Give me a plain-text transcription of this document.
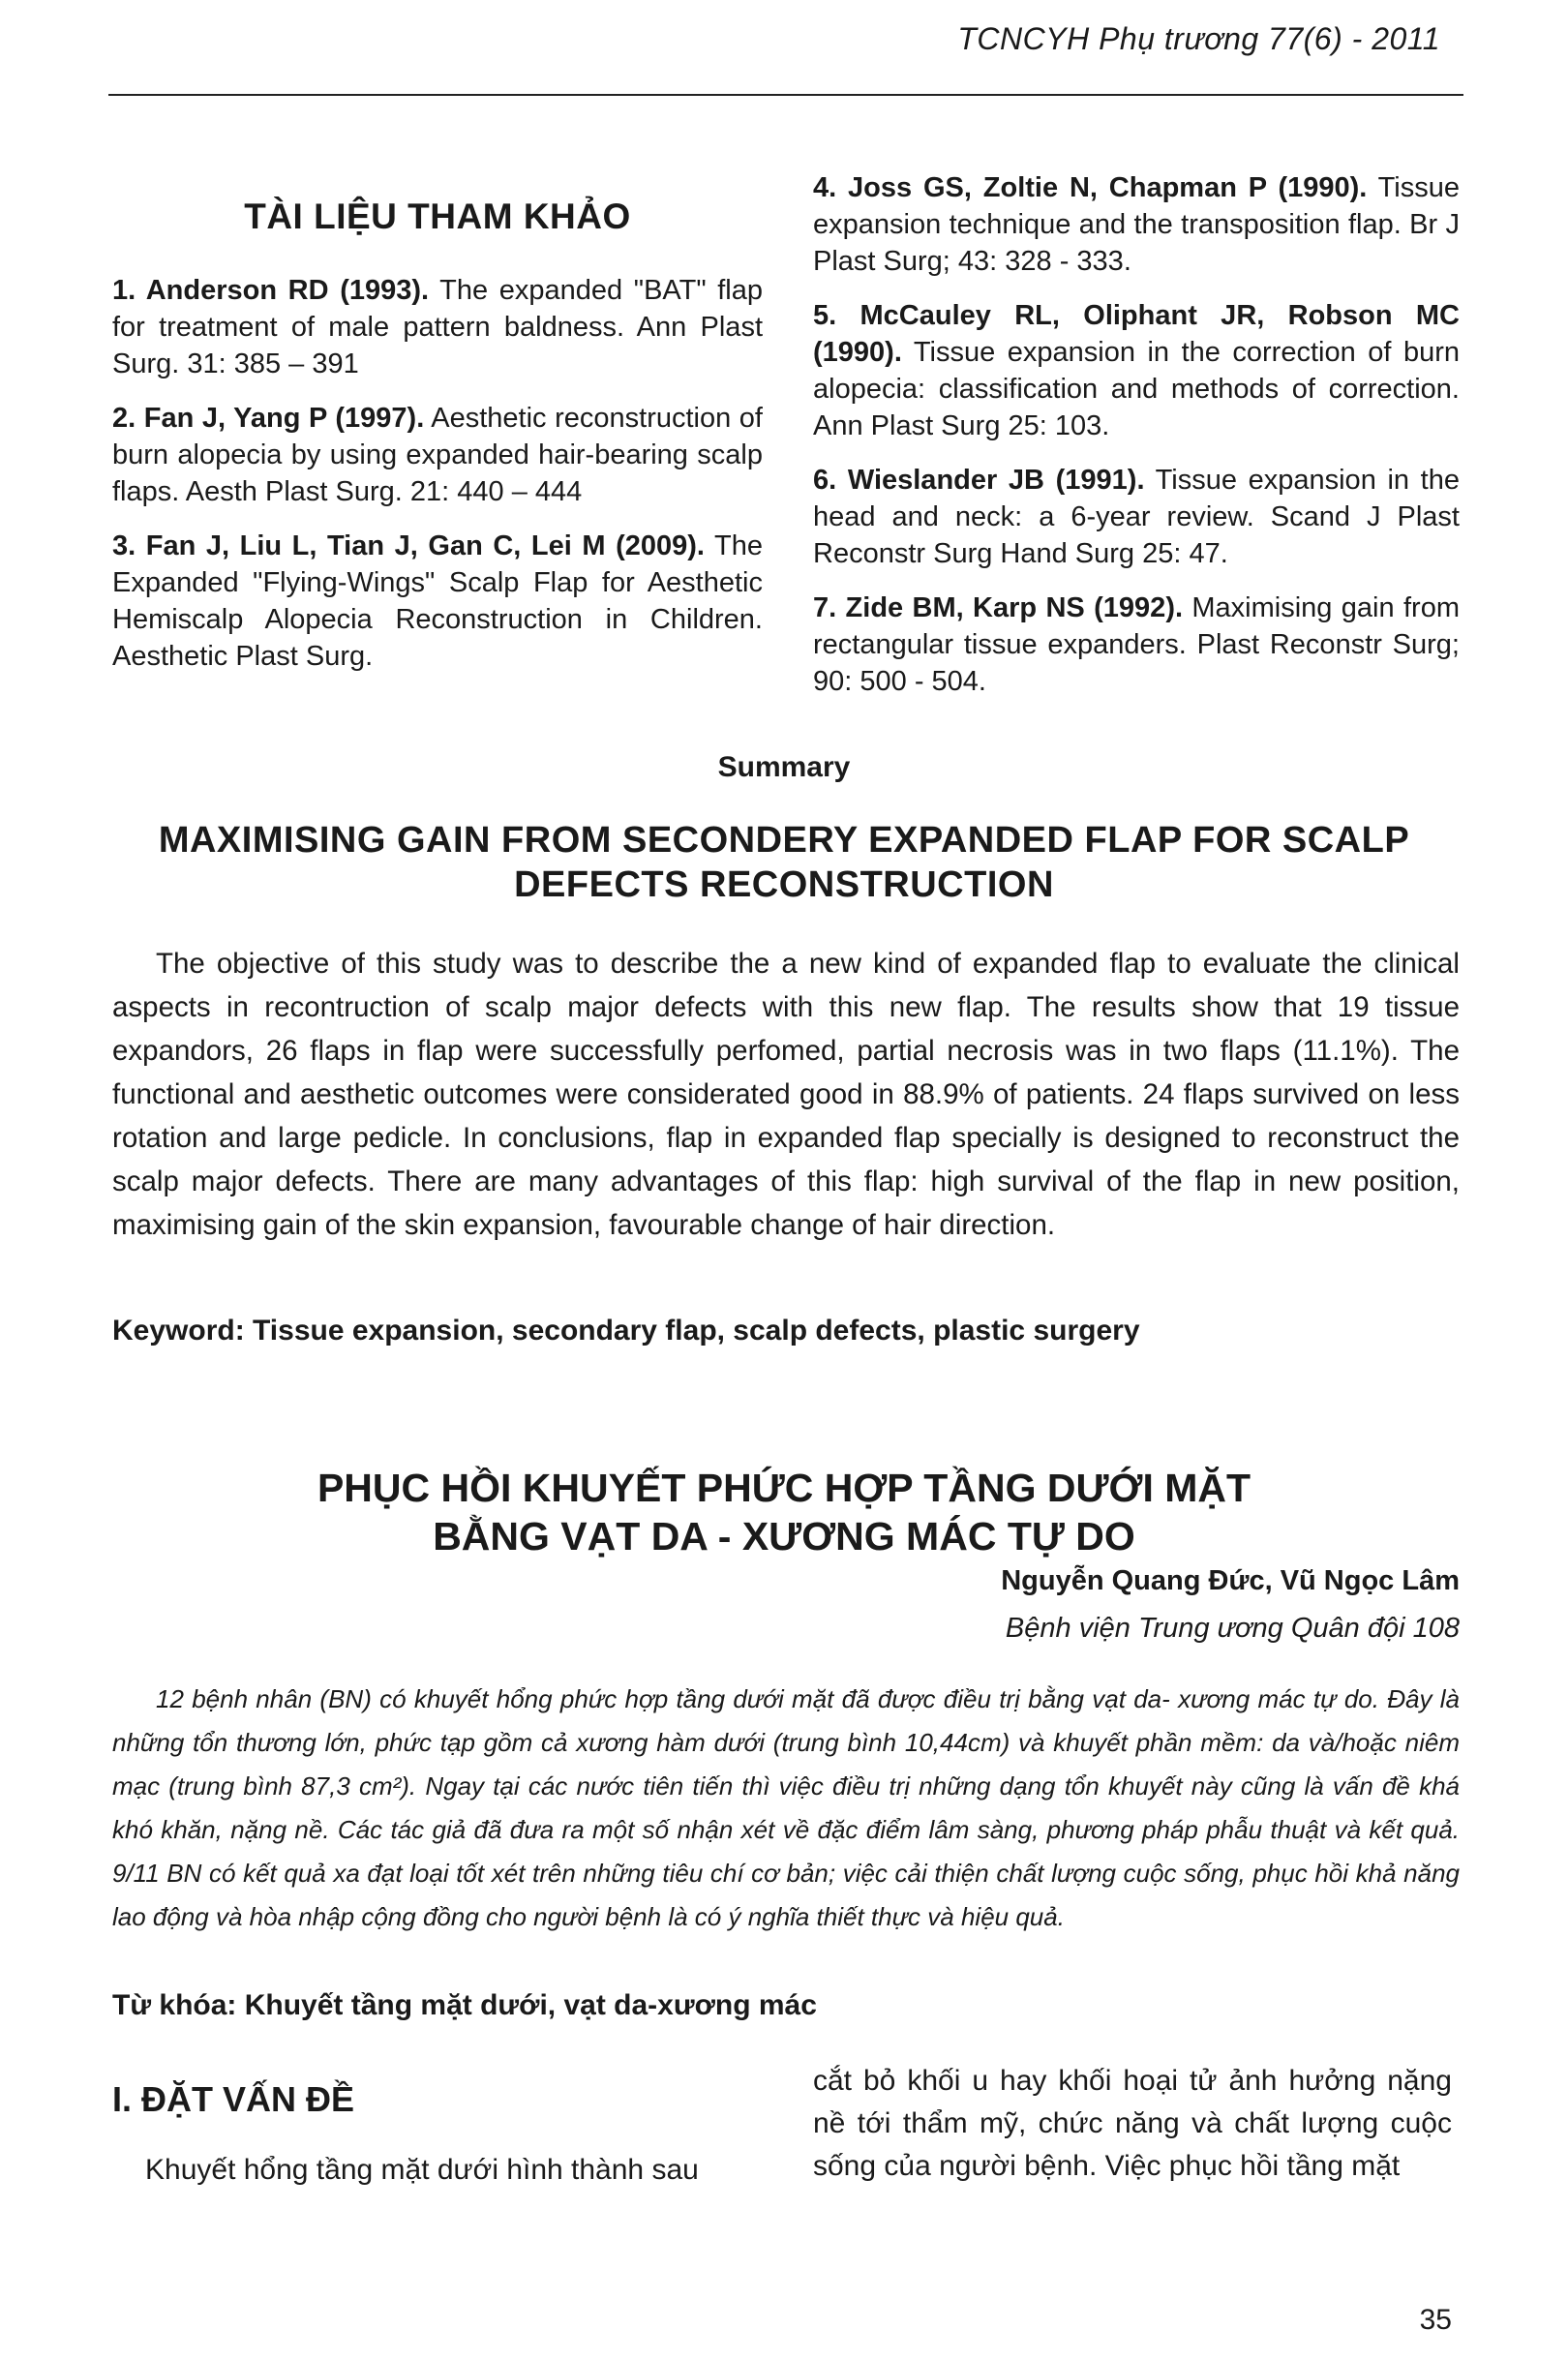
TCNCYH Phụ trương 77(6) - 2011
TÀI LIỆU THAM KHẢO

1. Anderson RD (1993). The expanded "BAT" flap for treatment of male pattern baldness. Ann Plast Surg. 31: 385 – 391

2. Fan J, Yang P (1997). Aesthetic reconstruction of burn alopecia by using expanded hair-bearing scalp flaps. Aesth Plast Surg. 21: 440 – 444

3. Fan J, Liu L, Tian J, Gan C, Lei M (2009). The Expanded "Flying-Wings" Scalp Flap for Aesthetic Hemiscalp Alopecia Reconstruction in Children. Aesthetic Plast Surg.

4. Joss GS, Zoltie N, Chapman P (1990). Tissue expansion technique and the transposition flap. Br J Plast Surg; 43: 328 - 333.

5. McCauley RL, Oliphant JR, Robson MC (1990). Tissue expansion in the correction of burn alopecia: classification and methods of correction. Ann Plast Surg 25: 103.

6. Wieslander JB (1991). Tissue expansion in the head and neck: a 6-year review. Scand J Plast Reconstr Surg Hand Surg 25: 47.

7. Zide BM, Karp NS (1992). Maximising gain from rectangular tissue expanders. Plast Reconstr Surg; 90: 500 - 504.

Summary
MAXIMISING GAIN FROM SECONDERY EXPANDED FLAP FOR SCALP DEFECTS RECONSTRUCTION
The objective of this study was to describe the a new kind of expanded flap to evaluate the clinical aspects in recontruction of scalp major defects with this new flap. The results show that 19 tissue expandors, 26 flaps in flap were successfully perfomed, partial necrosis was in two flaps (11.1%). The functional and aesthetic outcomes were considerated good in 88.9% of patients. 24 flaps survived on less rotation and large pedicle. In conclusions, flap in expanded flap specially is designed to reconstruct the scalp major defects. There are many advantages of this flap: high survival of the flap in new position, maximising gain of the skin expansion, favourable change of hair direction.
Keyword: Tissue expansion, secondary flap, scalp defects, plastic surgery
PHỤC HỒI KHUYẾT PHỨC HỢP TẦNG DƯỚI MẶT
BẰNG VẠT DA - XƯƠNG MÁC TỰ DO
Nguyễn Quang Đức, Vũ Ngọc Lâm
Bệnh viện Trung ương Quân đội 108
12 bệnh nhân (BN) có khuyết hổng phức hợp tầng dưới mặt đã được điều trị bằng vạt da- xương mác tự do. Đây là những tổn thương lớn, phức tạp gồm cả xương hàm dưới (trung bình 10,44cm) và khuyết phần mềm: da và/hoặc niêm mạc (trung bình 87,3 cm²). Ngay tại các nước tiên tiến thì việc điều trị những dạng tổn khuyết này cũng là vấn đề khá khó khăn, nặng nề. Các tác giả đã đưa ra một số nhận xét về đặc điểm lâm sàng, phương pháp phẫu thuật và kết quả. 9/11 BN có kết quả xa đạt loại tốt xét trên những tiêu chí cơ bản; việc cải thiện chất lượng cuộc sống, phục hồi khả năng lao động và hòa nhập cộng đồng cho người bệnh là có ý nghĩa thiết thực và hiệu quả.
Từ khóa: Khuyết tầng mặt dưới, vạt da-xương mác
I. ĐẶT VẤN ĐỀ
Khuyết hổng tầng mặt dưới hình thành sau
cắt bỏ khối u hay khối hoại tử ảnh hưởng nặng nề tới thẩm mỹ, chức năng và chất lượng cuộc sống của người bệnh. Việc phục hồi tầng mặt
35
